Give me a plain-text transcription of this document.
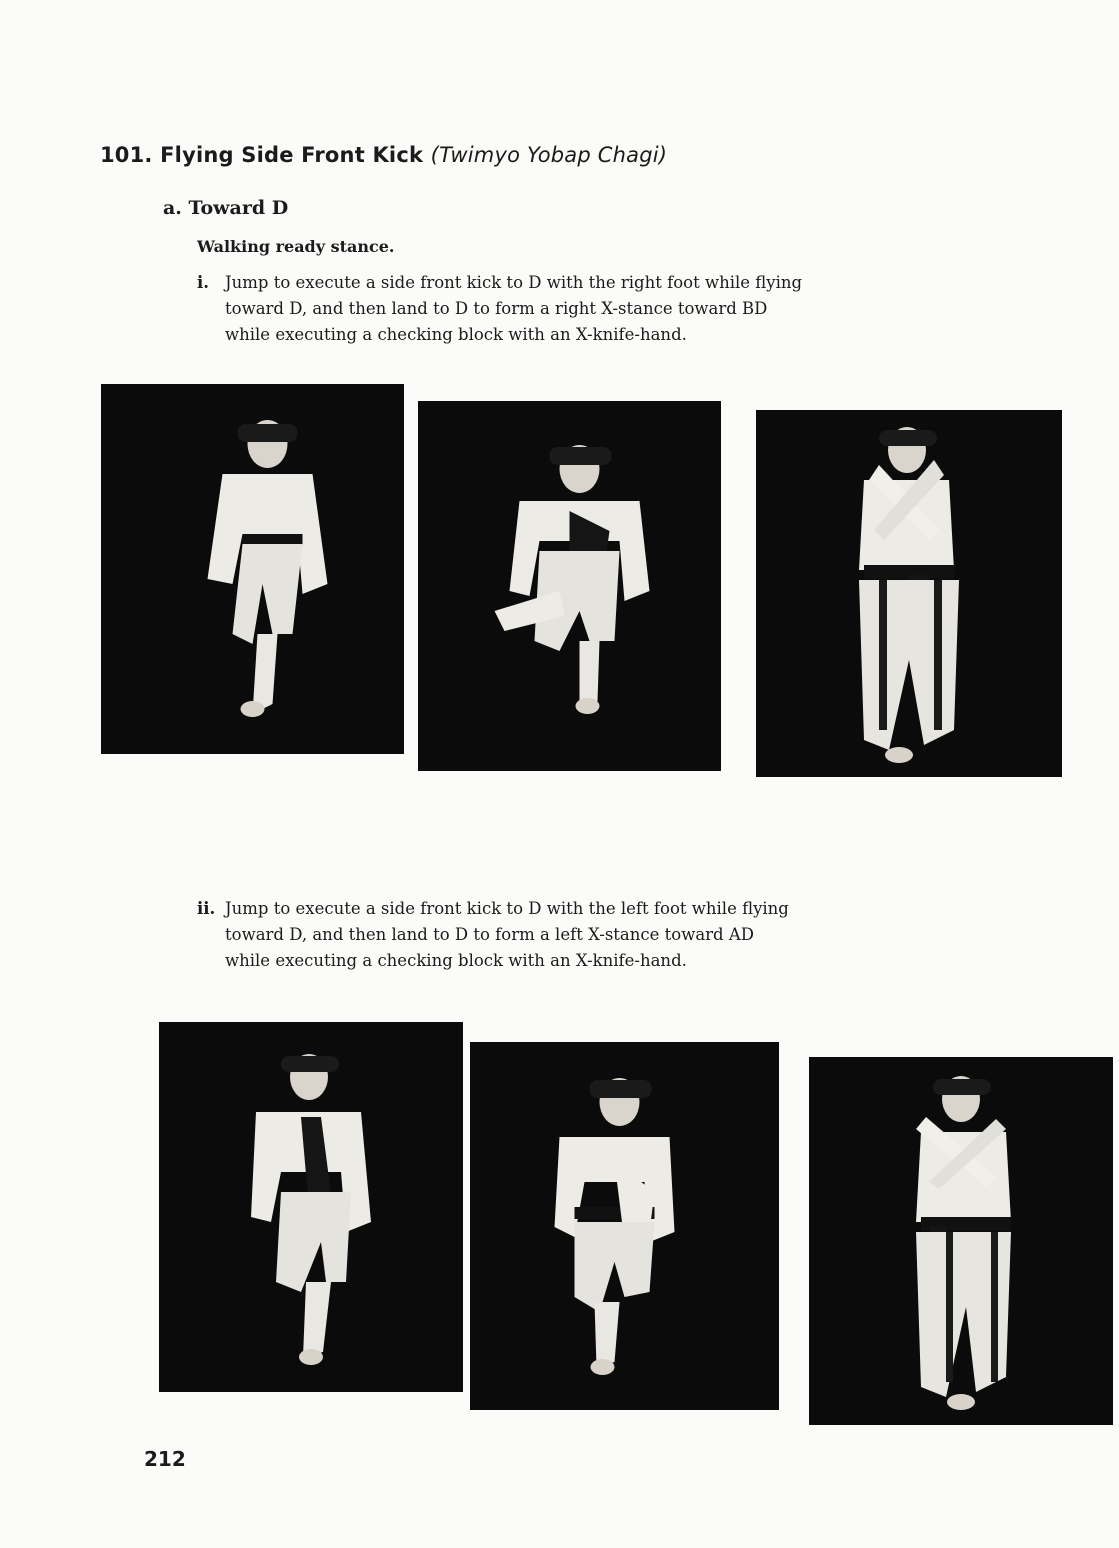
101. Flying Side Front Kick (Twimyo Yobap Chagi)
a. Toward D
Walking ready stance.
i. Jump to execute a side front kick to D with the right foot while flying
toward D, and then land to D to form a right X-stance toward BD
while executing a checking block with an X-knife-hand.
ii. Jump to execute a side front kick to D with the left foot while flying
toward D, and then land to D to form a left X-stance toward AD
while executing a checking block with an X-knife-hand.
212
